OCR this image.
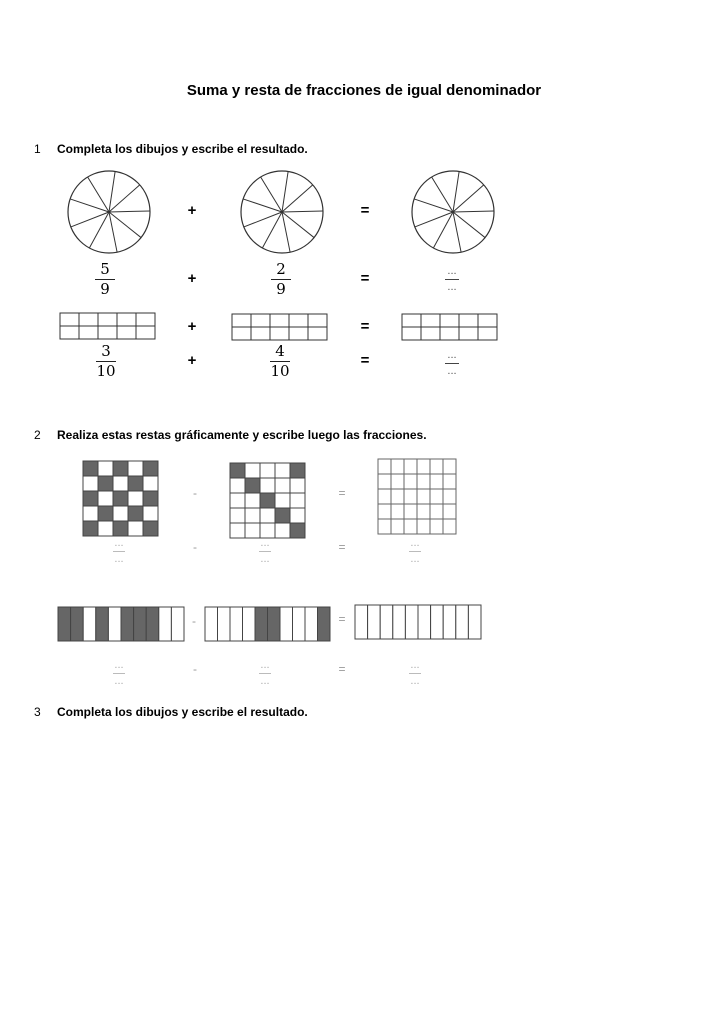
Suma y resta de fracciones de igual denominador
1 Completa los dibujos y escribe el resultado.
+	=
5
9
+
2
9
=	...
...
+	=
3
10
+
4
10
=	...
...
2 Realiza estas restas gráficamente y escribe luego las fracciones.
-	=
...
...
-	...
...
=	...
...
-	=
...
...
-	...
...
=	...
...
3 Completa los dibujos y escribe el resultado.
